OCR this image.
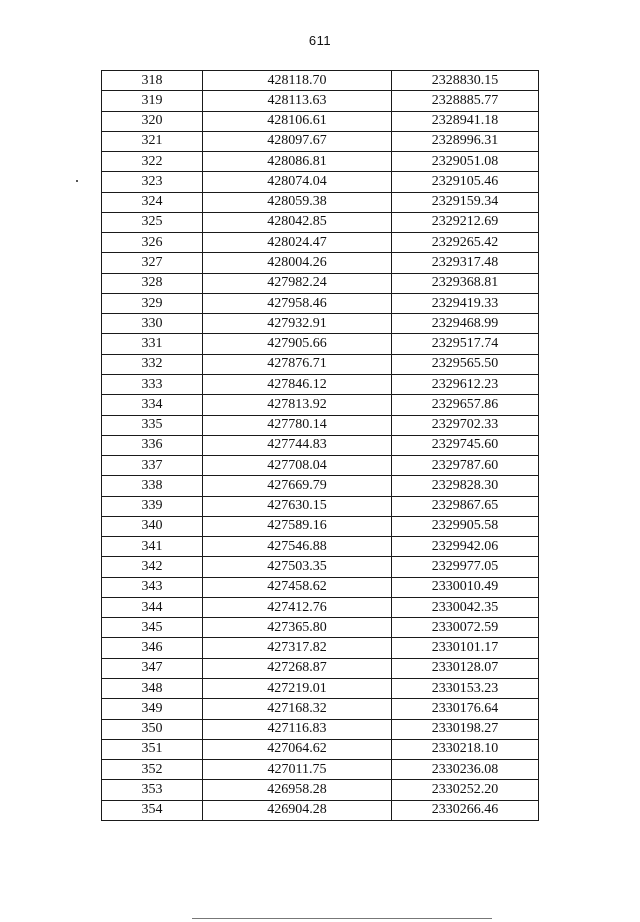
611
318	428118.70	2328830.15
319	428113.63	2328885.77
320	428106.61	2328941.18
321	428097.67	2328996.31
322	428086.81	2329051.08
323	428074.04	2329105.46
324	428059.38	2329159.34
325	428042.85	2329212.69
326	428024.47	2329265.42
327	428004.26	2329317.48
328	427982.24	2329368.81
329	427958.46	2329419.33
330	427932.91	2329468.99
331	427905.66	2329517.74
332	427876.71	2329565.50
333	427846.12	2329612.23
334	427813.92	2329657.86
335	427780.14	2329702.33
336	427744.83	2329745.60
337	427708.04	2329787.60
338	427669.79	2329828.30
339	427630.15	2329867.65
340	427589.16	2329905.58
341	427546.88	2329942.06
342	427503.35	2329977.05
343	427458.62	2330010.49
344	427412.76	2330042.35
345	427365.80	2330072.59
346	427317.82	2330101.17
347	427268.87	2330128.07
348	427219.01	2330153.23
349	427168.32	2330176.64
350	427116.83	2330198.27
351	427064.62	2330218.10
352	427011.75	2330236.08
353	426958.28	2330252.20
354	426904.28	2330266.46
